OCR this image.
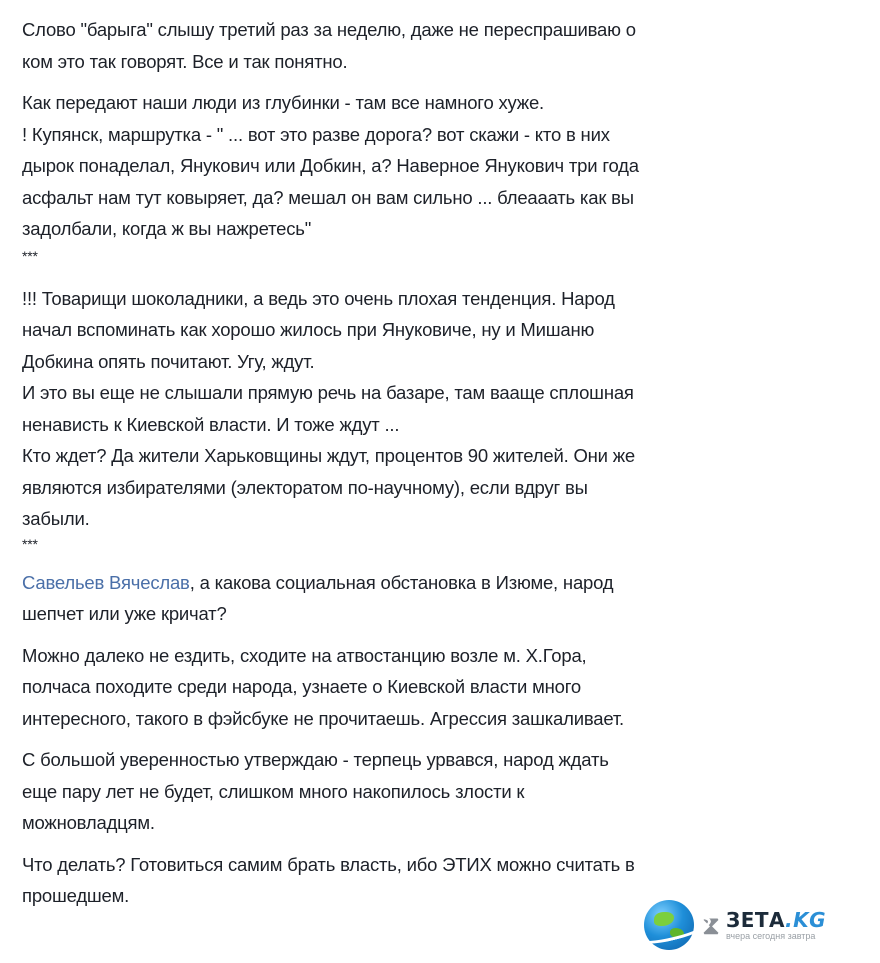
Слово "барыга" слышу третий раз за неделю, даже не переспрашиваю о
ком это так говорят. Все и так понятно.

Как передают наши люди из глубинки - там все намного хуже.
! Купянск, маршрутка - " ... вот это разве дорога? вот скажи - кто в них
дырок понаделал, Янукович или Добкин, а? Наверное Янукович три года
асфальт нам тут ковыряет, да? мешал он вам сильно ... блеааать как вы
задолбали, когда ж вы нажретесь"

***

!!! Товарищи шоколадники, а ведь это очень плохая тенденция. Народ
начал вспоминать как хорошо жилось при Януковиче, ну и Мишаню
Добкина опять почитают. Угу, ждут.
И это вы еще не слышали прямую речь на базаре, там вааще сплошная
ненависть к Киевской власти. И тоже ждут ...
Кто ждет? Да жители Харьковщины ждут, процентов 90 жителей. Они же
являются избирателями (электоратом по-научному), если вдруг вы
забыли.

***

Савельев Вячеслав, а какова социальная обстановка в Изюме, народ
шепчет или уже кричат?

Можно далеко не ездить, сходите на атвостанцию возле м. Х.Гора,
полчаса походите среди народа, узнаете о Киевской власти много
интересного, такого в фэйсбуке не прочитаешь. Агрессия зашкаливает.

С большой уверенностью утверждаю - терпець урвався, народ ждать
еще пару лет не будет, слишком много накопилось злости к
можновладцям.

Что делать? Готовиться самим брать власть, ибо ЭТИХ можно считать в
прошедшем.

⧗ ЗЕТА.KG
вчера сегодня завтра
